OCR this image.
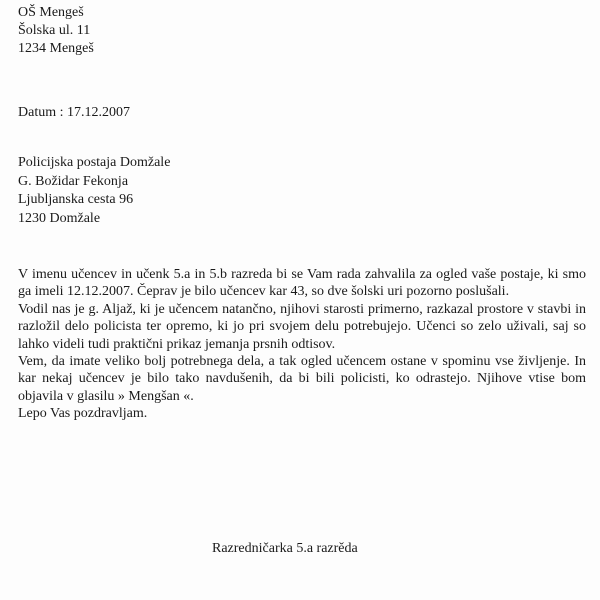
OŠ Mengeš
Šolska ul. 11
1234 Mengeš
Datum : 17.12.2007
Policijska postaja Domžale
G. Božidar Fekonja
Ljubljanska cesta 96
1230 Domžale

V imenu učencev in učenk 5.a in 5.b razreda bi se Vam rada zahvalila za ogled vaše postaje, ki smo ga imeli 12.12.2007. Čeprav je bilo učencev kar 43, so dve šolski uri pozorno poslušali.

Vodil nas je g. Aljaž, ki je učencem natančno, njihovi starosti primerno, razkazal prostore v stavbi in razložil delo policista ter opremo, ki jo pri svojem delu potrebujejo. Učenci so zelo uživali, saj so lahko videli tudi praktični prikaz jemanja prsnih odtisov.

Vem, da imate veliko bolj potrebnega dela, a tak ogled učencem ostane v spominu vse življenje. In kar nekaj učencev je bilo tako navdušenih, da bi bili policisti, ko odrastejo. Njihove vtise bom objavila v glasilu » Mengšan «.

Lepo Vas pozdravljam.

Razredničarka 5.a razrěda
